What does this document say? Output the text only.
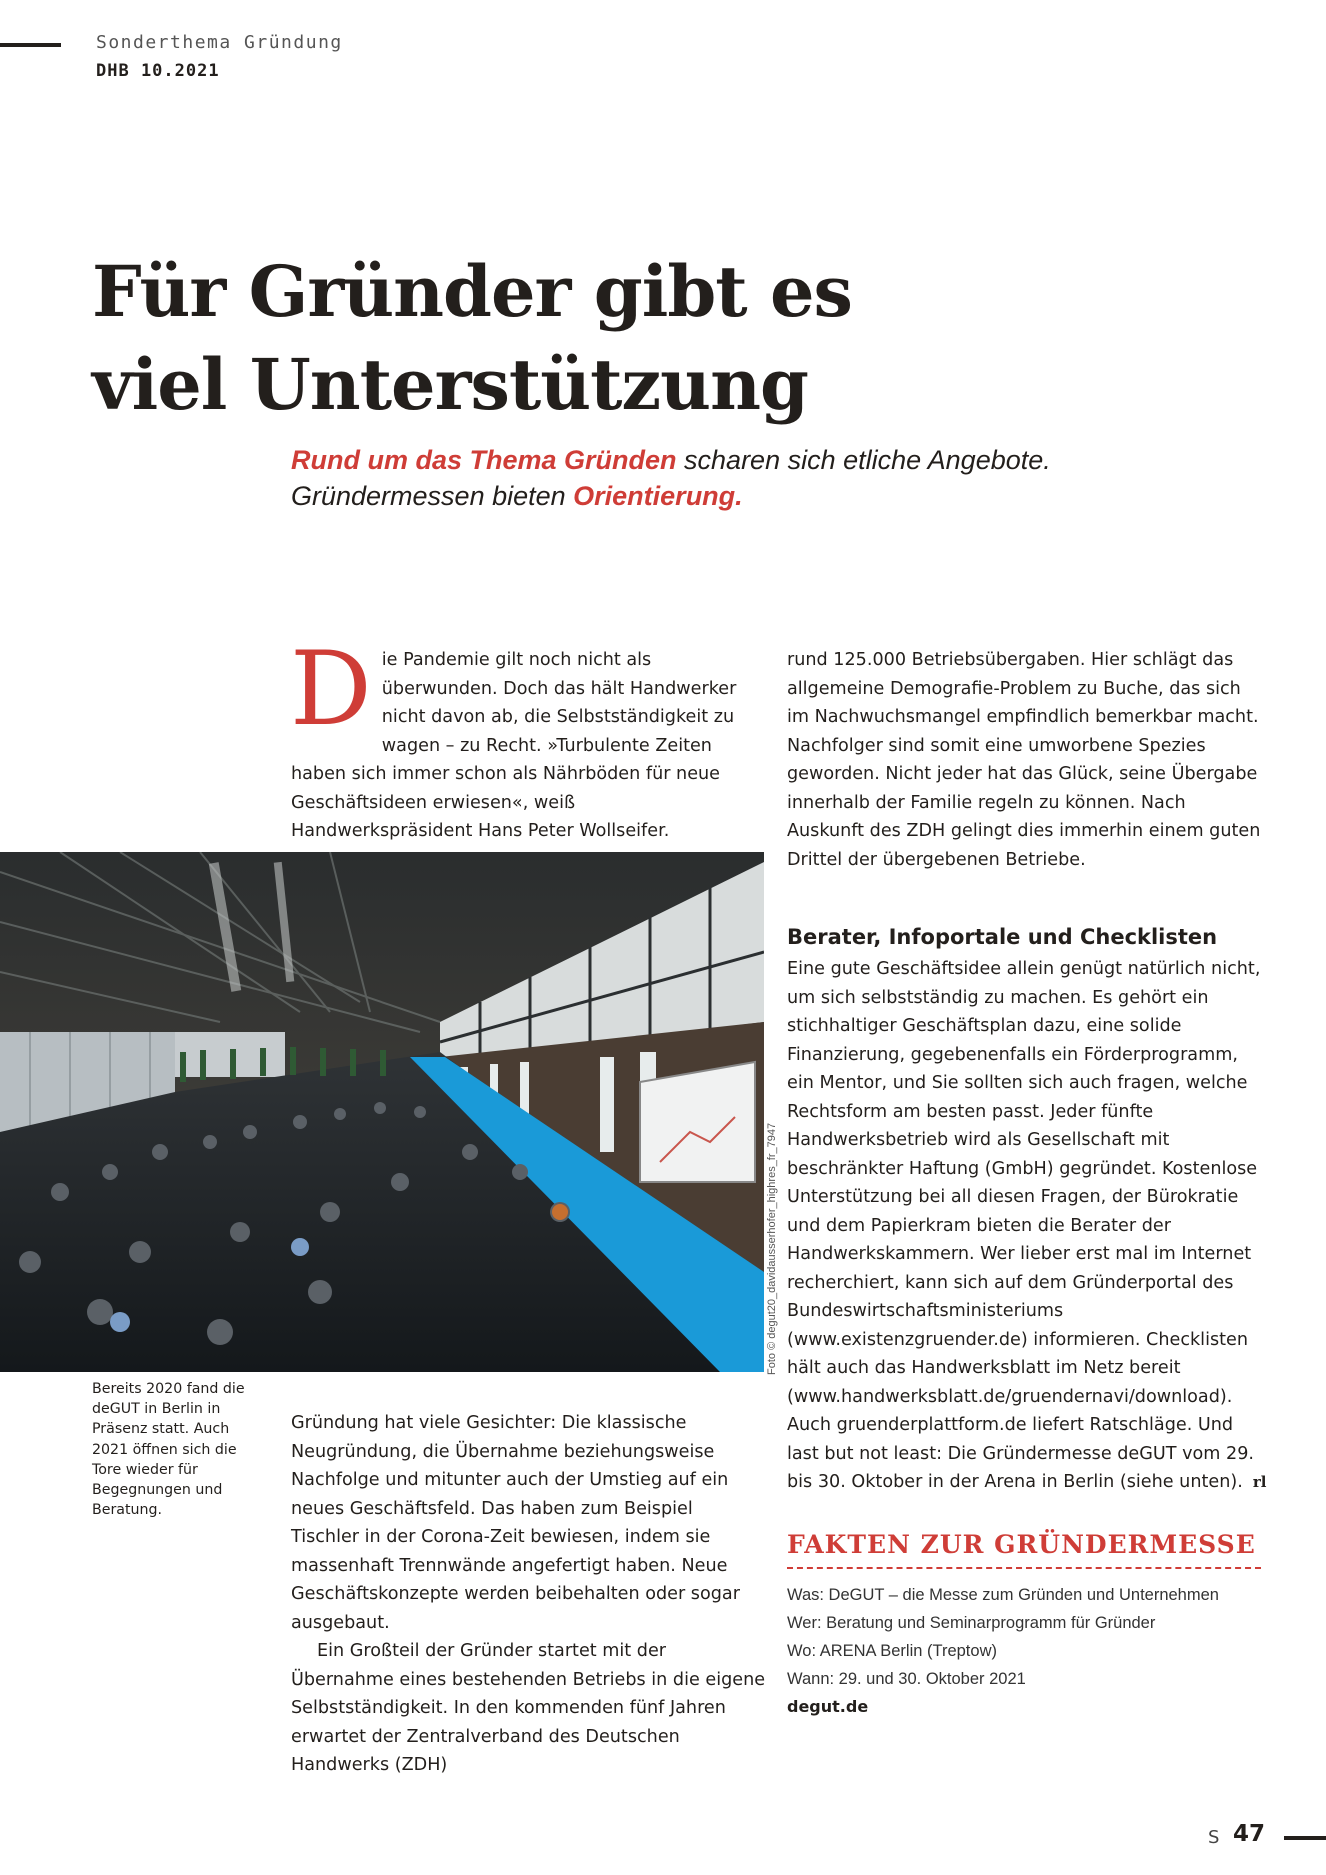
Sonderthema Gründung
DHB 10.2021
Für Gründer gibt es viel Unterstützung
Rund um das Thema Gründen scharen sich etliche Angebote. Gründermessen bieten Orientierung.
D ie Pandemie gilt noch nicht als überwunden. Doch das hält Handwerker nicht davon ab, die Selbstständigkeit zu wagen – zu Recht. »Turbulente Zeiten haben sich immer schon als Nährböden für neue Geschäftsideen erwiesen«, weiß Handwerkspräsident Hans Peter Wollseifer.
Foto © degut20_davidausserhofer_highres_fr_7947
Bereits 2020 fand die deGUT in Berlin in Präsenz statt. Auch 2021 öffnen sich die Tore wieder für Begegnungen und Beratung.

Gründung hat viele Gesichter: Die klassische Neugründung, die Übernahme beziehungsweise Nachfolge und mitunter auch der Umstieg auf ein neues Geschäftsfeld. Das haben zum Beispiel Tischler in der Corona-Zeit bewiesen, indem sie massenhaft Trennwände angefertigt haben. Neue Geschäftskonzepte werden beibehalten oder sogar ausgebaut.

Ein Großteil der Gründer startet mit der Übernahme eines bestehenden Betriebs in die eigene Selbstständigkeit. In den kommenden fünf Jahren erwartet der Zentralverband des Deutschen Handwerks (ZDH)

rund 125.000 Betriebsübergaben. Hier schlägt das allgemeine Demografie-Problem zu Buche, das sich im Nachwuchsmangel empfindlich bemerkbar macht. Nachfolger sind somit eine umworbene Spezies geworden. Nicht jeder hat das Glück, seine Übergabe innerhalb der Familie regeln zu können. Nach Auskunft des ZDH gelingt dies immerhin einem guten Drittel der übergebenen Betriebe.

Berater, Infoportale und Checklisten

Eine gute Geschäftsidee allein genügt natürlich nicht, um sich selbstständig zu machen. Es gehört ein stichhaltiger Geschäftsplan dazu, eine solide Finanzierung, gegebenenfalls ein Förderprogramm, ein Mentor, und Sie sollten sich auch fragen, welche Rechtsform am besten passt. Jeder fünfte Handwerksbetrieb wird als Gesellschaft mit beschränkter Haftung (GmbH) gegründet. Kostenlose Unterstützung bei all diesen Fragen, der Bürokratie und dem Papierkram bieten die Berater der Handwerkskammern. Wer lieber erst mal im Internet recherchiert, kann sich auf dem Gründerportal des Bundeswirtschaftsministeriums (www.existenzgruender.de) informieren. Checklisten hält auch das Handwerksblatt im Netz bereit (www.handwerksblatt.de/gruendernavi/download). Auch gruenderplattform.de liefert Ratschläge. Und last but not least: Die Gründermesse deGUT vom 29. bis 30. Oktober in der Arena in Berlin (siehe unten). rl

FAKTEN ZUR GRÜNDERMESSE
Was: DeGUT – die Messe zum Gründen und Unternehmen
Wer: Beratung und Seminarprogramm für Gründer
Wo: ARENA Berlin (Treptow)
Wann: 29. und 30. Oktober 2021
degut.de
S 47
